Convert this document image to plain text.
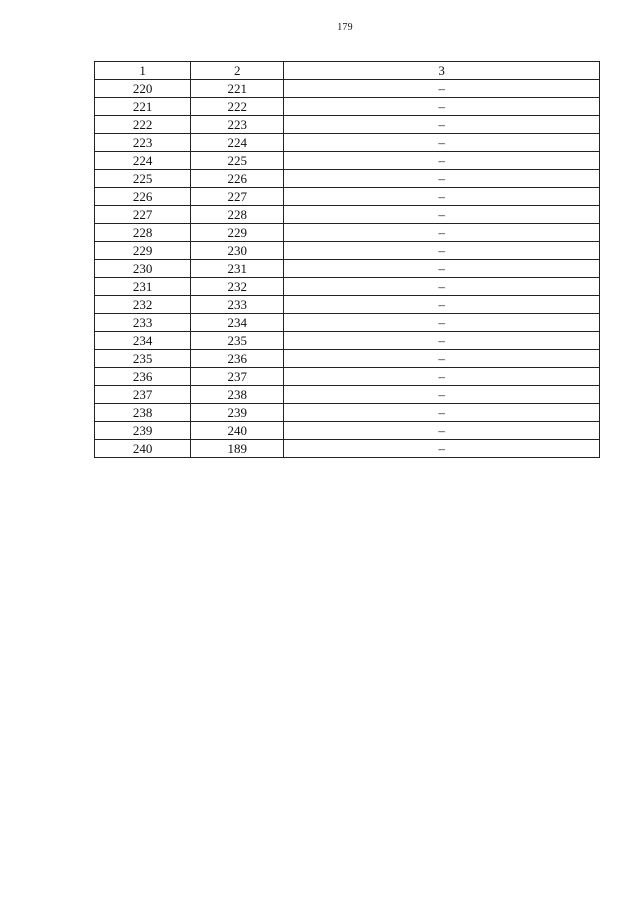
179
1	2	3
220	221	–
221	222	–
222	223	–
223	224	–
224	225	–
225	226	–
226	227	–
227	228	–
228	229	–
229	230	–
230	231	–
231	232	–
232	233	–
233	234	–
234	235	–
235	236	–
236	237	–
237	238	–
238	239	–
239	240	–
240	189	–
